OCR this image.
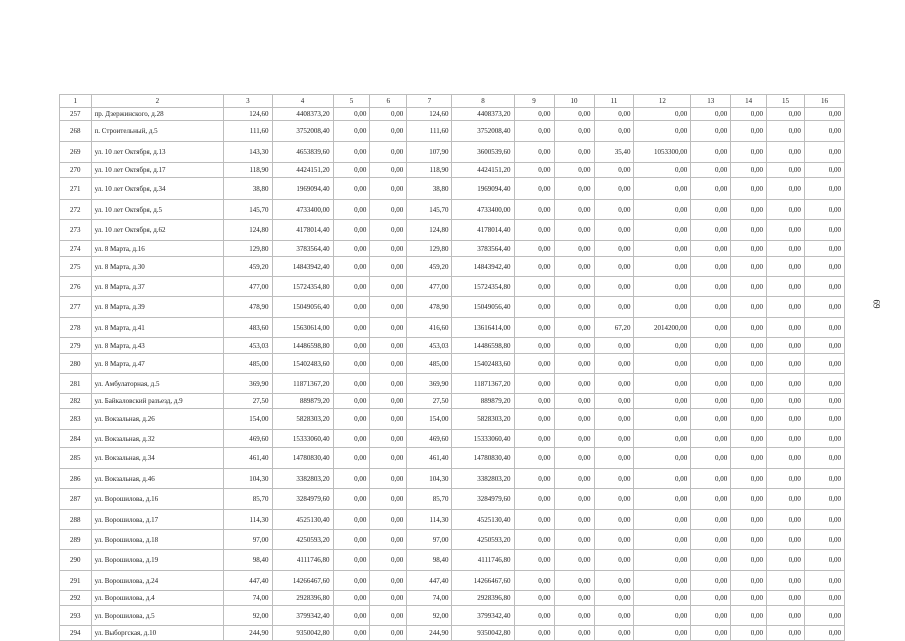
1	2	3	4	5	6	7	8	9	10	11	12	13	14	15	16
257	пр. Дзержинского, д.28	124,60	4408373,20	0,00	0,00	124,60	4408373,20	0,00	0,00	0,00	0,00	0,00	0,00	0,00	0,00
268	п. Строительный, д.5	111,60	3752008,40	0,00	0,00	111,60	3752008,40	0,00	0,00	0,00	0,00	0,00	0,00	0,00	0,00
269	ул. 10 лет Октября, д.13	143,30	4653839,60	0,00	0,00	107,90	3600539,60	0,00	0,00	35,40	1053300,00	0,00	0,00	0,00	0,00
270	ул. 10 лет Октября, д.17	118,90	4424151,20	0,00	0,00	118,90	4424151,20	0,00	0,00	0,00	0,00	0,00	0,00	0,00	0,00
271	ул. 10 лет Октября, д.34	38,80	1969094,40	0,00	0,00	38,80	1969094,40	0,00	0,00	0,00	0,00	0,00	0,00	0,00	0,00
272	ул. 10 лет Октября, д.5	145,70	4733400,00	0,00	0,00	145,70	4733400,00	0,00	0,00	0,00	0,00	0,00	0,00	0,00	0,00
273	ул. 10 лет Октября, д.62	124,80	4178014,40	0,00	0,00	124,80	4178014,40	0,00	0,00	0,00	0,00	0,00	0,00	0,00	0,00
274	ул. 8 Марта, д.16	129,80	3783564,40	0,00	0,00	129,80	3783564,40	0,00	0,00	0,00	0,00	0,00	0,00	0,00	0,00
275	ул. 8 Марта, д.30	459,20	14843942,40	0,00	0,00	459,20	14843942,40	0,00	0,00	0,00	0,00	0,00	0,00	0,00	0,00
276	ул. 8 Марта, д.37	477,00	15724354,80	0,00	0,00	477,00	15724354,80	0,00	0,00	0,00	0,00	0,00	0,00	0,00	0,00
277	ул. 8 Марта, д.39	478,90	15049056,40	0,00	0,00	478,90	15049056,40	0,00	0,00	0,00	0,00	0,00	0,00	0,00	0,00
278	ул. 8 Марта, д.41	483,60	15630614,00	0,00	0,00	416,60	13616414,00	0,00	0,00	67,20	2014200,00	0,00	0,00	0,00	0,00
279	ул. 8 Марта, д.43	453,03	14486598,80	0,00	0,00	453,03	14486598,80	0,00	0,00	0,00	0,00	0,00	0,00	0,00	0,00
280	ул. 8 Марта, д.47	485,00	15402483,60	0,00	0,00	485,00	15402483,60	0,00	0,00	0,00	0,00	0,00	0,00	0,00	0,00
281	ул. Амбулаторная, д.5	369,90	11871367,20	0,00	0,00	369,90	11871367,20	0,00	0,00	0,00	0,00	0,00	0,00	0,00	0,00
282	ул. Байкаловский разъезд, д.9	27,50	889879,20	0,00	0,00	27,50	889879,20	0,00	0,00	0,00	0,00	0,00	0,00	0,00	0,00
283	ул. Вокзальная, д.26	154,00	5828303,20	0,00	0,00	154,00	5828303,20	0,00	0,00	0,00	0,00	0,00	0,00	0,00	0,00
284	ул. Вокзальная, д.32	469,60	15333060,40	0,00	0,00	469,60	15333060,40	0,00	0,00	0,00	0,00	0,00	0,00	0,00	0,00
285	ул. Вокзальная, д.34	461,40	14780830,40	0,00	0,00	461,40	14780830,40	0,00	0,00	0,00	0,00	0,00	0,00	0,00	0,00
286	ул. Вокзальная, д.46	104,30	3382803,20	0,00	0,00	104,30	3382803,20	0,00	0,00	0,00	0,00	0,00	0,00	0,00	0,00
287	ул. Ворошилова, д.16	85,70	3284979,60	0,00	0,00	85,70	3284979,60	0,00	0,00	0,00	0,00	0,00	0,00	0,00	0,00
288	ул. Ворошилова, д.17	114,30	4525130,40	0,00	0,00	114,30	4525130,40	0,00	0,00	0,00	0,00	0,00	0,00	0,00	0,00
289	ул. Ворошилова, д.18	97,00	4250593,20	0,00	0,00	97,00	4250593,20	0,00	0,00	0,00	0,00	0,00	0,00	0,00	0,00
290	ул. Ворошилова, д.19	98,40	4111746,80	0,00	0,00	98,40	4111746,80	0,00	0,00	0,00	0,00	0,00	0,00	0,00	0,00
291	ул. Ворошилова, д.24	447,40	14266467,60	0,00	0,00	447,40	14266467,60	0,00	0,00	0,00	0,00	0,00	0,00	0,00	0,00
292	ул. Ворошилова, д.4	74,00	2928396,80	0,00	0,00	74,00	2928396,80	0,00	0,00	0,00	0,00	0,00	0,00	0,00	0,00
293	ул. Ворошилова, д.5	92,00	3799342,40	0,00	0,00	92,00	3799342,40	0,00	0,00	0,00	0,00	0,00	0,00	0,00	0,00
294	ул. Выборгская, д.10	244,90	9350042,80	0,00	0,00	244,90	9350042,80	0,00	0,00	0,00	0,00	0,00	0,00	0,00	0,00
69
